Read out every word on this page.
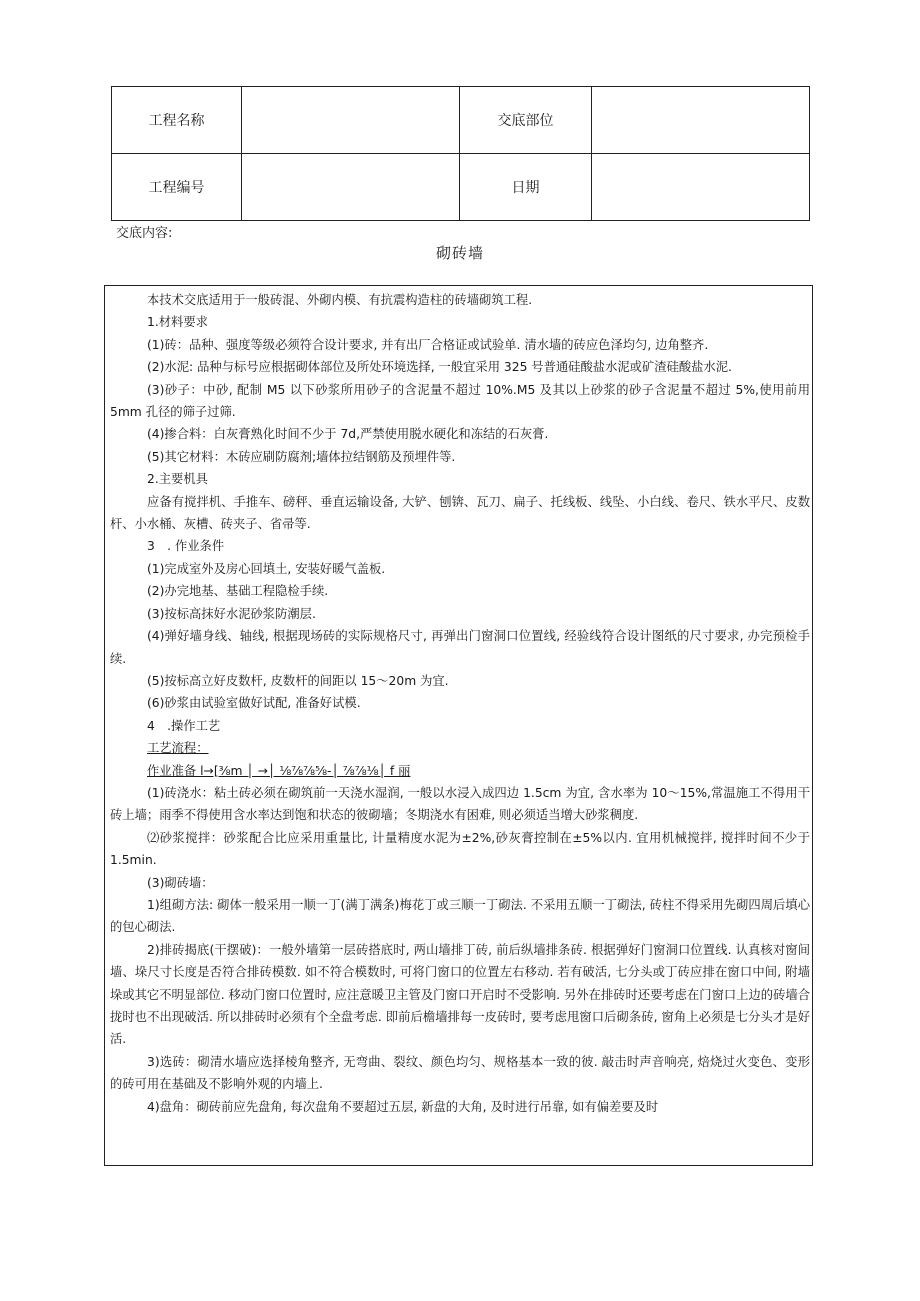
工程名称		交底部位	
工程编号		日期	
交底内容:
砌砖墙

本技术交底适用于一般砖混、外砌内模、有抗震构造柱的砖墙砌筑工程.

1.材料要求

(1)砖：品种、强度等级必须符合设计要求, 并有出厂合格证或试验单. 清水墙的砖应色泽均匀, 边角整齐.

(2)水泥: 品种与标号应根据砌体部位及所处环境选择, 一般宜采用 325 号普通硅酸盐水泥或矿渣硅酸盐水泥.

(3)砂子：中砂, 配制 M5 以下砂浆所用砂子的含泥量不超过 10%.M5 及其以上砂浆的砂子含泥量不超过 5%,使用前用 5mm 孔径的筛子过筛.

(4)掺合料：白灰膏熟化时间不少于 7d,严禁使用脱水硬化和冻结的石灰膏.

(5)其它材料：木砖应刷防腐剂;墙体拉结钢筋及预埋件等.

2.主要机具

应备有搅拌机、手推车、磅秤、垂直运输设备, 大铲、刨锛、瓦刀、扁子、托线板、线坠、小白线、卷尺、铁水平尺、皮数杆、小水桶、灰槽、砖夹子、省帚等.

3　. 作业条件

(1)完成室外及房心回填土, 安装好暖气盖板.

(2)办完地基、基础工程隐检手续.

(3)按标高抹好水泥砂浆防潮层.

(4)弹好墙身线、轴线, 根据现场砖的实际规格尺寸, 再弹出门窗洞口位置线, 经验线符合设计图纸的尺寸要求, 办完预检手续.

(5)按标高立好皮数杆, 皮数杆的间距以 15～20m 为宜.

(6)砂浆由试验室做好试配, 准备好试模.

4　.操作工艺

工艺流程：

作业准备 l→[⅜m │ →│ ⅛⅞⅞⅝-│ ⅞⅞⅛│ f 丽

(1)砖浇水：粘土砖必须在砌筑前一天浇水湿润, 一般以水浸入成四边 1.5cm 为宜, 含水率为 10～15%,常温施工不得用干砖上墙；雨季不得使用含水率达到饱和状态的彼砌墙；冬期浇水有困难, 则必须适当增大砂浆稠度.

⑵砂浆搅拌：砂浆配合比应采用重量比, 计量精度水泥为±2%,砂灰膏控制在±5%以内. 宜用机械搅拌, 搅拌时间不少于 1.5min.

(3)砌砖墙：

1)组砌方法: 砌体一般采用一顺一丁(满丁满条)梅花丁或三顺一丁砌法. 不采用五顺一丁砌法, 砖柱不得采用先砌四周后填心的包心砌法.

2)排砖揭底(干摆破)：一般外墙第一层砖搭底时, 两山墙排丁砖, 前后纵墙排条砖. 根据弹好门窗洞口位置线. 认真核对窗间墙、垛尺寸长度是否符合排砖模数. 如不符合模数时, 可将门窗口的位置左右移动. 若有破活, 七分头或丁砖应排在窗口中间, 附墙垛或其它不明显部位. 移动门窗口位置时, 应注意暖卫主管及门窗口开启时不受影响. 另外在排砖时还要考虑在门窗口上边的砖墙合拢时也不出现破活. 所以排砖时必须有个全盘考虑. 即前后檐墙排每一皮砖时, 要考虑甩窗口后砌条砖, 窗角上必须是七分头才是好活.

3)选砖：砌清水墙应选择棱角整齐, 无弯曲、裂纹、颜色均匀、规格基本一致的彼. 敲击时声音响亮, 焙烧过火变色、变形的砖可用在基础及不影响外观的内墙上.

4)盘角：砌砖前应先盘角, 每次盘角不要超过五层, 新盘的大角, 及时进行吊靠, 如有偏差要及时
